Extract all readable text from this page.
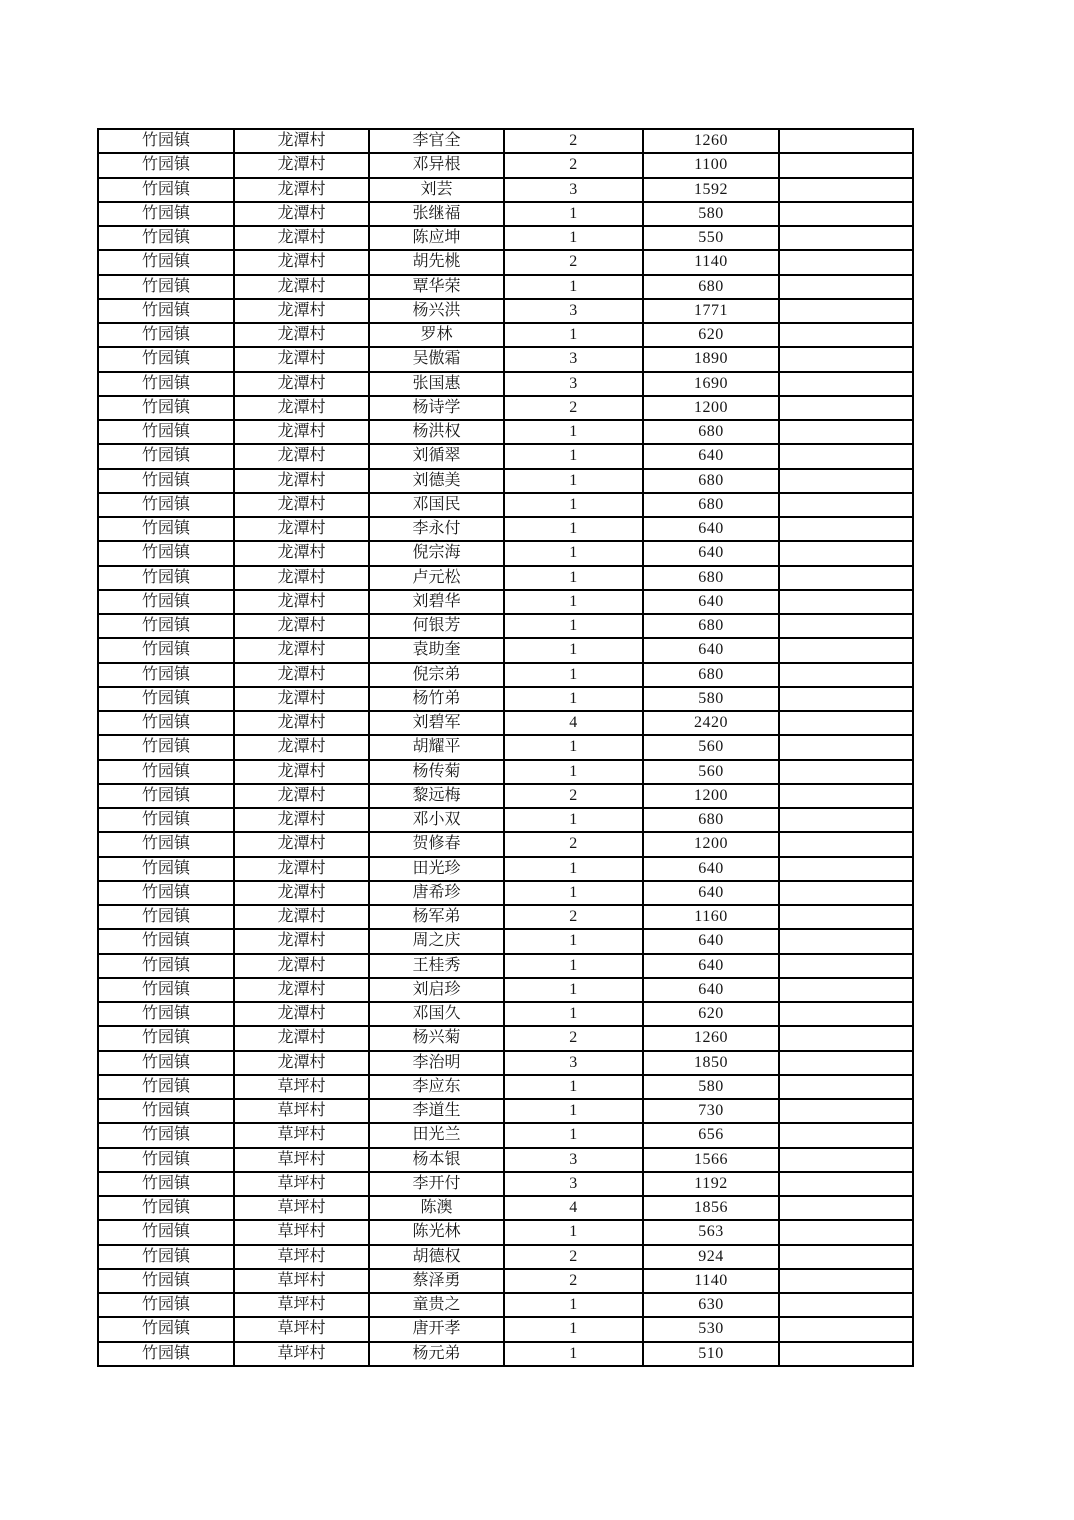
竹园镇	龙潭村	李官全	2	1260	
竹园镇	龙潭村	邓异根	2	1100	
竹园镇	龙潭村	刘芸	3	1592	
竹园镇	龙潭村	张继福	1	580	
竹园镇	龙潭村	陈应坤	1	550	
竹园镇	龙潭村	胡先桃	2	1140	
竹园镇	龙潭村	覃华荣	1	680	
竹园镇	龙潭村	杨兴洪	3	1771	
竹园镇	龙潭村	罗林	1	620	
竹园镇	龙潭村	吴傲霜	3	1890	
竹园镇	龙潭村	张国惠	3	1690	
竹园镇	龙潭村	杨诗学	2	1200	
竹园镇	龙潭村	杨洪权	1	680	
竹园镇	龙潭村	刘循翠	1	640	
竹园镇	龙潭村	刘德美	1	680	
竹园镇	龙潭村	邓国民	1	680	
竹园镇	龙潭村	李永付	1	640	
竹园镇	龙潭村	倪宗海	1	640	
竹园镇	龙潭村	卢元松	1	680	
竹园镇	龙潭村	刘碧华	1	640	
竹园镇	龙潭村	何银芳	1	680	
竹园镇	龙潭村	袁助奎	1	640	
竹园镇	龙潭村	倪宗弟	1	680	
竹园镇	龙潭村	杨竹弟	1	580	
竹园镇	龙潭村	刘碧军	4	2420	
竹园镇	龙潭村	胡耀平	1	560	
竹园镇	龙潭村	杨传菊	1	560	
竹园镇	龙潭村	黎远梅	2	1200	
竹园镇	龙潭村	邓小双	1	680	
竹园镇	龙潭村	贺修春	2	1200	
竹园镇	龙潭村	田光珍	1	640	
竹园镇	龙潭村	唐希珍	1	640	
竹园镇	龙潭村	杨军弟	2	1160	
竹园镇	龙潭村	周之庆	1	640	
竹园镇	龙潭村	王桂秀	1	640	
竹园镇	龙潭村	刘启珍	1	640	
竹园镇	龙潭村	邓国久	1	620	
竹园镇	龙潭村	杨兴菊	2	1260	
竹园镇	龙潭村	李治明	3	1850	
竹园镇	草坪村	李应东	1	580	
竹园镇	草坪村	李道生	1	730	
竹园镇	草坪村	田光兰	1	656	
竹园镇	草坪村	杨本银	3	1566	
竹园镇	草坪村	李开付	3	1192	
竹园镇	草坪村	陈澳	4	1856	
竹园镇	草坪村	陈光林	1	563	
竹园镇	草坪村	胡德权	2	924	
竹园镇	草坪村	蔡泽勇	2	1140	
竹园镇	草坪村	童贵之	1	630	
竹园镇	草坪村	唐开孝	1	530	
竹园镇	草坪村	杨元弟	1	510	
